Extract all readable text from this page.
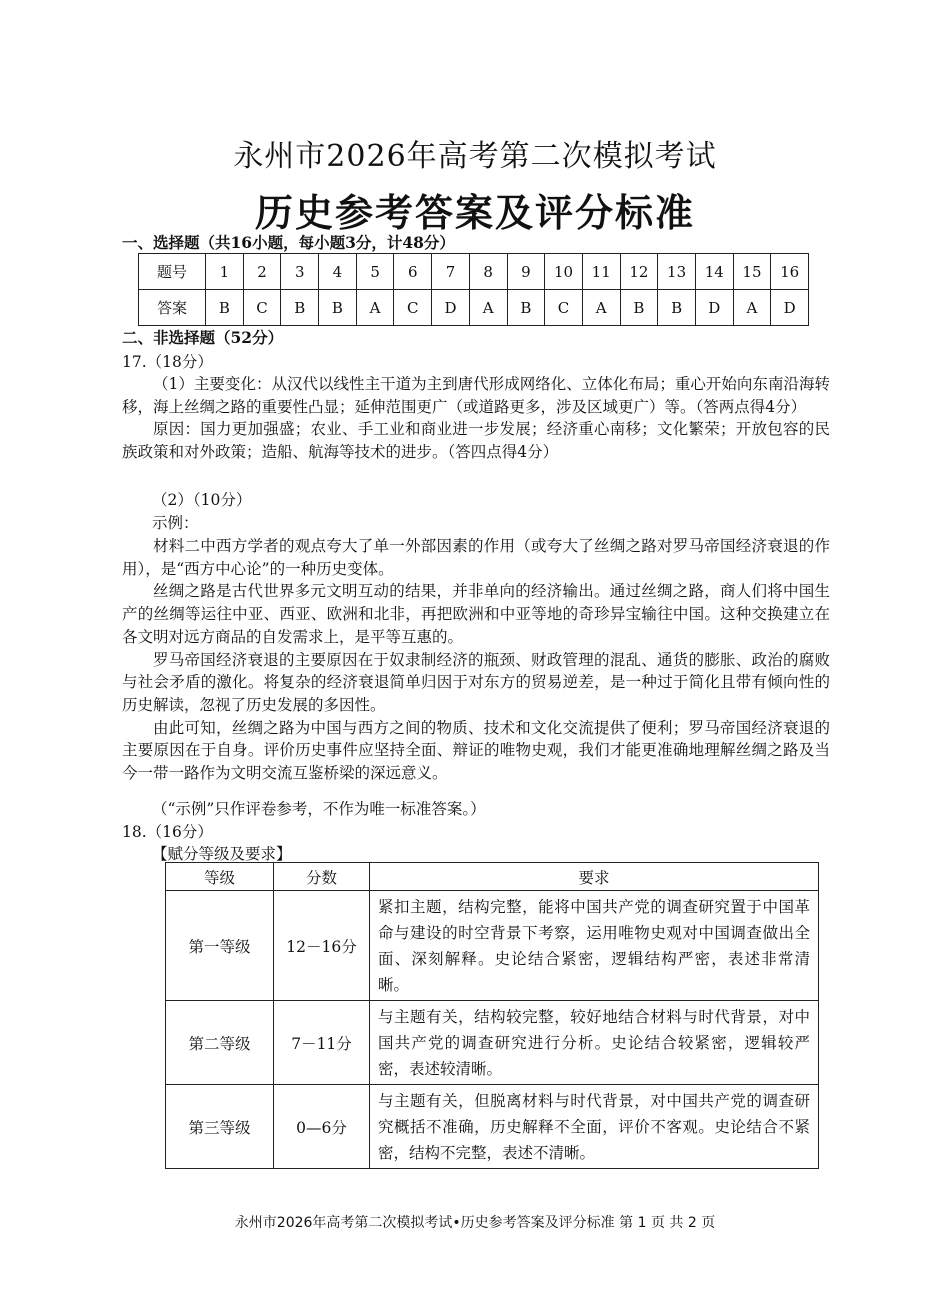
永州市2026年高考第二次模拟考试
历史参考答案及评分标准
一、选择题（共16小题，每小题3分，计48分）
题号	1	2	3	4	5	6	7	8	9	10	11	12	13	14	15	16
答案	B	C	B	B	A	C	D	A	B	C	A	B	B	D	A	D
二、非选择题（52分）
17.（18分）

（1）主要变化：从汉代以线性主干道为主到唐代形成网络化、立体化布局；重心开始向东南沿海转移，海上丝绸之路的重要性凸显；延伸范围更广（或道路更多，涉及区域更广）等。（答两点得4分）

原因：国力更加强盛；农业、手工业和商业进一步发展；经济重心南移；文化繁荣；开放包容的民族政策和对外政策；造船、航海等技术的进步。（答四点得4分）

（2）（10分）
示例：

材料二中西方学者的观点夸大了单一外部因素的作用（或夸大了丝绸之路对罗马帝国经济衰退的作用），是“西方中心论”的一种历史变体。

丝绸之路是古代世界多元文明互动的结果，并非单向的经济输出。通过丝绸之路，商人们将中国生产的丝绸等运往中亚、西亚、欧洲和北非，再把欧洲和中亚等地的奇珍异宝输往中国。这种交换建立在各文明对远方商品的自发需求上，是平等互惠的。

罗马帝国经济衰退的主要原因在于奴隶制经济的瓶颈、财政管理的混乱、通货的膨胀、政治的腐败与社会矛盾的激化。将复杂的经济衰退简单归因于对东方的贸易逆差，是一种过于简化且带有倾向性的历史解读，忽视了历史发展的多因性。

由此可知，丝绸之路为中国与西方之间的物质、技术和文化交流提供了便利；罗马帝国经济衰退的主要原因在于自身。评价历史事件应坚持全面、辩证的唯物史观，我们才能更准确地理解丝绸之路及当今一带一路作为文明交流互鉴桥梁的深远意义。

（“示例”只作评卷参考，不作为唯一标准答案。）
18.（16分）
【赋分等级及要求】
等级	分数	要求
第一等级	12－16分	紧扣主题，结构完整，能将中国共产党的调查研究置于中国革命与建设的时空背景下考察，运用唯物史观对中国调查做出全面、深刻解释。史论结合紧密，逻辑结构严密，表述非常清晰。
第二等级	7－11分	与主题有关，结构较完整，较好地结合材料与时代背景，对中国共产党的调查研究进行分析。史论结合较紧密，逻辑较严密，表述较清晰。
第三等级	0—6分	与主题有关，但脱离材料与时代背景，对中国共产党的调查研究概括不准确，历史解释不全面，评价不客观。史论结合不紧密，结构不完整，表述不清晰。
永州市2026年高考第二次模拟考试•历史参考答案及评分标准 第 1 页 共 2 页
